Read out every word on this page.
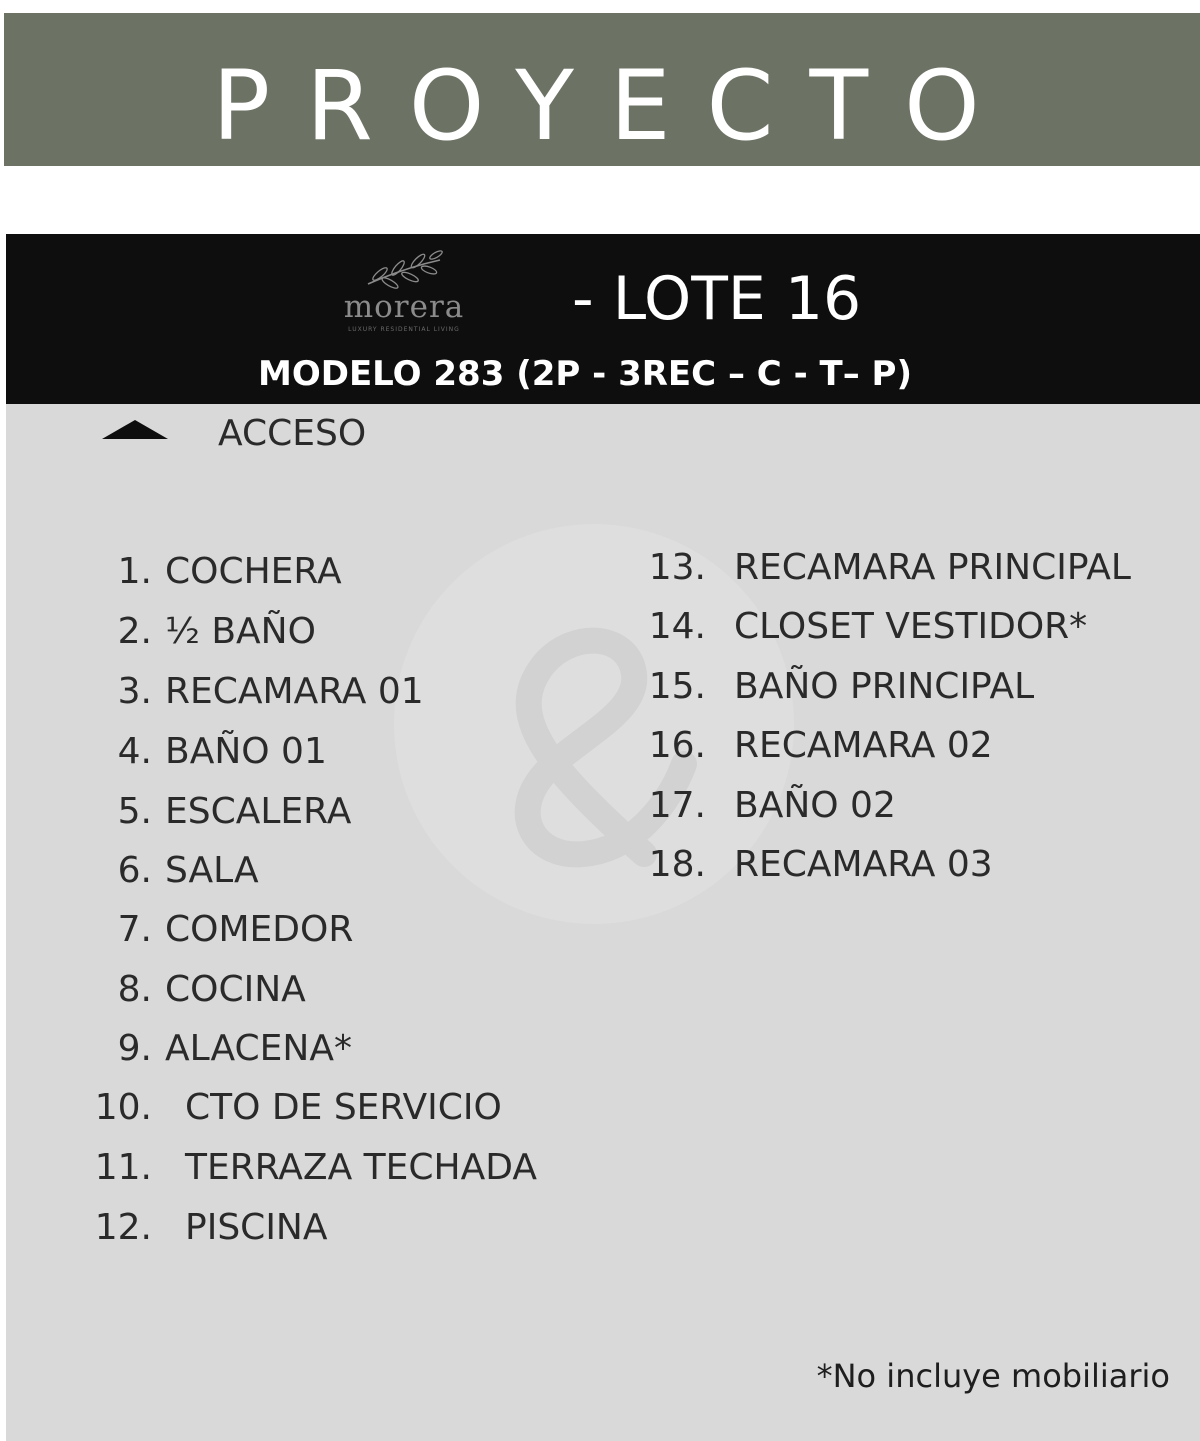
PROYECTO
morera
LUXURY RESIDENTIAL LIVING	- LOTE 16
MODELO 283 (2P - 3REC – C - T– P)
ACCESO
1. COCHERA
2. ½ BAÑO
3. RECAMARA 01
4. BAÑO 01
5. ESCALERA
6. SALA
7. COMEDOR
8. COCINA
9. ALACENA*
10. CTO DE SERVICIO
11. TERRAZA TECHADA
12. PISCINA
13. RECAMARA PRINCIPAL
14. CLOSET VESTIDOR*
15. BAÑO PRINCIPAL
16. RECAMARA 02
17. BAÑO 02
18. RECAMARA 03
*No incluye mobiliario
